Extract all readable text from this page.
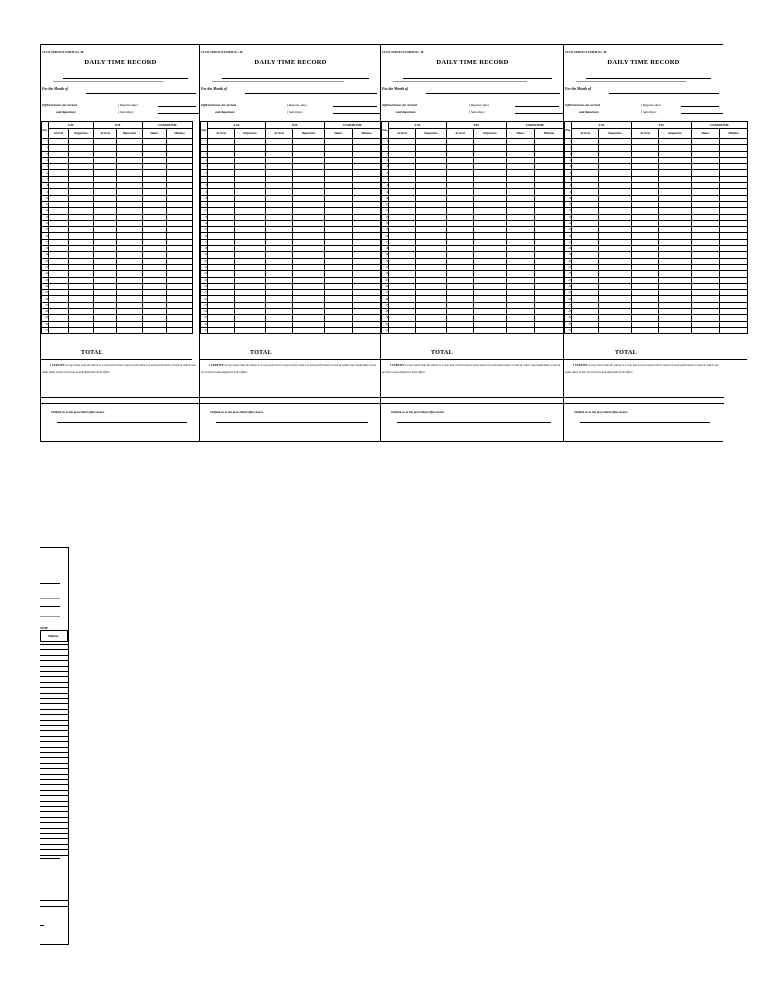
CIVIL SERVICE FORM No. 48
DAILY TIME RECORD
For the Month of
Official hours for arrival
and departure
( Regular days
( Saturdays
Day	A.M.		P.M.		UNDERTIME	
	Arrival	Departure	Arrival	Departure	Hours	Minutes
1						
2						
3						
4						
5						
6						
7						
8						
9						
10						
11						
12						
13						
14						
15						
16						
17						
18						
19						
20						
21						
22						
23						
24						
25						
26						
27						
28						
29						
30						
31						
TOTAL
I CERTIFY on my honor that the above is a true and correct report of the hours of work performed, record of which was made daily at the of arrival at and departure from office.
Verified as to the prescribed office hours.
CIVIL SERVICE FORM No. 48
DAILY TIME RECORD
For the Month of
Official hours for arrival
and departure
( Regular days
( Saturdays
Day	A.M.		P.M.		UNDERTIME	
	Arrival	Departure	Arrival	Departure	Hours	Minutes
1						
2						
3						
4						
5						
6						
7						
8						
9						
10						
11						
12						
13						
14						
15						
16						
17						
18						
19						
20						
21						
22						
23						
24						
25						
26						
27						
28						
29						
30						
31						
TOTAL
I CERTIFY on my honor that the above is a true and correct report of the hours of work performed, record of which was made daily at the of arrival at and departure from office.
Verified as to the prescribed office hours.
CIVIL SERVICE FORM No. 48
DAILY TIME RECORD
For the Month of
Official hours for arrival
and departure
( Regular days
( Saturdays
Day	A.M.		P.M.		UNDERTIME	
	Arrival	Departure	Arrival	Departure	Hours	Minutes
1						
2						
3						
4						
5						
6						
7						
8						
9						
10						
11						
12						
13						
14						
15						
16						
17						
18						
19						
20						
21						
22						
23						
24						
25						
26						
27						
28						
29						
30						
31						
TOTAL
I CERTIFY on my honor that the above is a true and correct report of the hours of work performed, record of which was made daily at the of arrival at and departure from office.
Verified as to the prescribed office hours.
CIVIL SERVICE FORM No. 48
DAILY TIME RECORD
For the Month of
Official hours for arrival
and departure
( Regular days
( Saturdays
Day	A.M.		P.M.		UNDERTIME	
	Arrival	Departure	Arrival	Departure	Hours	Minutes
1						
2						
3						
4						
5						
6						
7						
8						
9						
10						
11						
12						
13						
14						
15						
16						
17						
18						
19						
20						
21						
22						
23						
24						
25						
26						
27						
28						
29						
30						
31						
TOTAL
I CERTIFY on my honor that the above is a true and correct report of the hours of work performed, record of which was made daily at the of arrival at and departure from office.
Verified as to the prescribed office hours.
TIME
Minutes
